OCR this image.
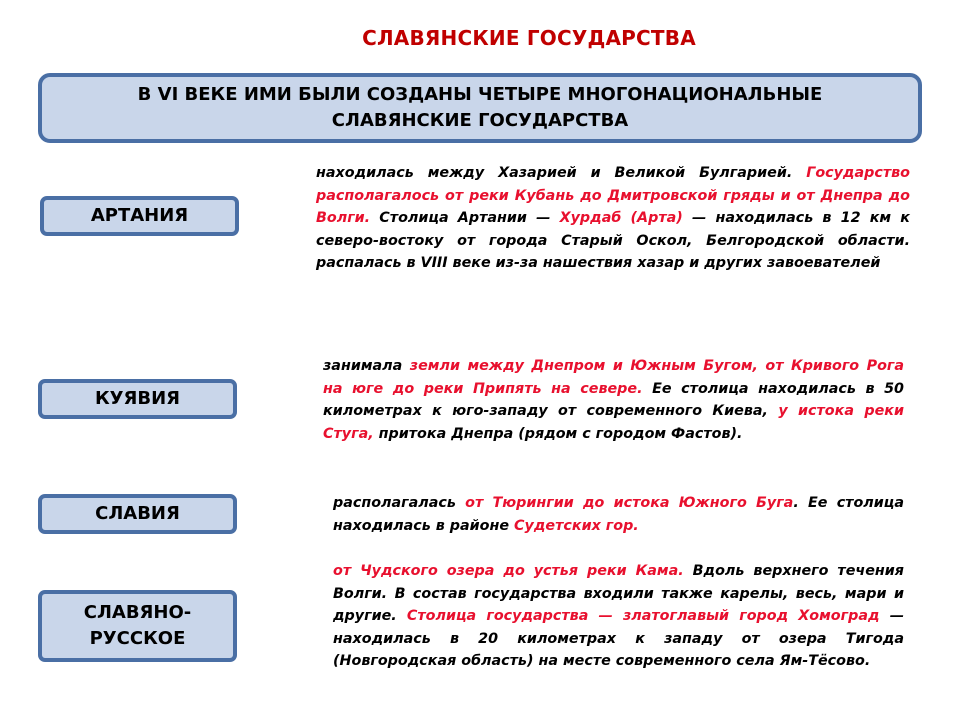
СЛАВЯНСКИЕ ГОСУДАРСТВА
В VI ВЕКЕ ИМИ БЫЛИ СОЗДАНЫ ЧЕТЫРЕ МНОГОНАЦИОНАЛЬНЫЕ
СЛАВЯНСКИЕ ГОСУДАРСТВА
АРТАНИЯ
находилась между Хазарией и Великой Булгарией. Государство располагалось от реки Кубань до Дмитровской гряды и от Днепра до Волги. Столица Артании — Хурдаб (Арта) — находилась в 12 км к северо-востоку от города Старый Оскол, Белгородской области. распалась в VIII веке из-за нашествия хазар и других завоевателей
КУЯВИЯ
занимала земли между Днепром и Южным Бугом, от Кривого Рога на юге до реки Припять на севере. Ее столица находилась в 50 километрах к юго-западу от современного Киева, у истока реки Стуга, притока Днепра (рядом с городом Фастов).
СЛАВИЯ	располагалась от Тюрингии до истока Южного Буга. Ее столица находилась в районе Судетских гор.
СЛАВЯНО-
РУССКОЕ
от Чудского озера до устья реки Кама. Вдоль верхнего течения Волги. В состав государства входили также карелы, весь, мари и другие. Столица государства — златоглавый город Хомоград — находилась в 20 километрах к западу от озера Тигода (Новгородская область) на месте современного села Ям-Тёсово.
